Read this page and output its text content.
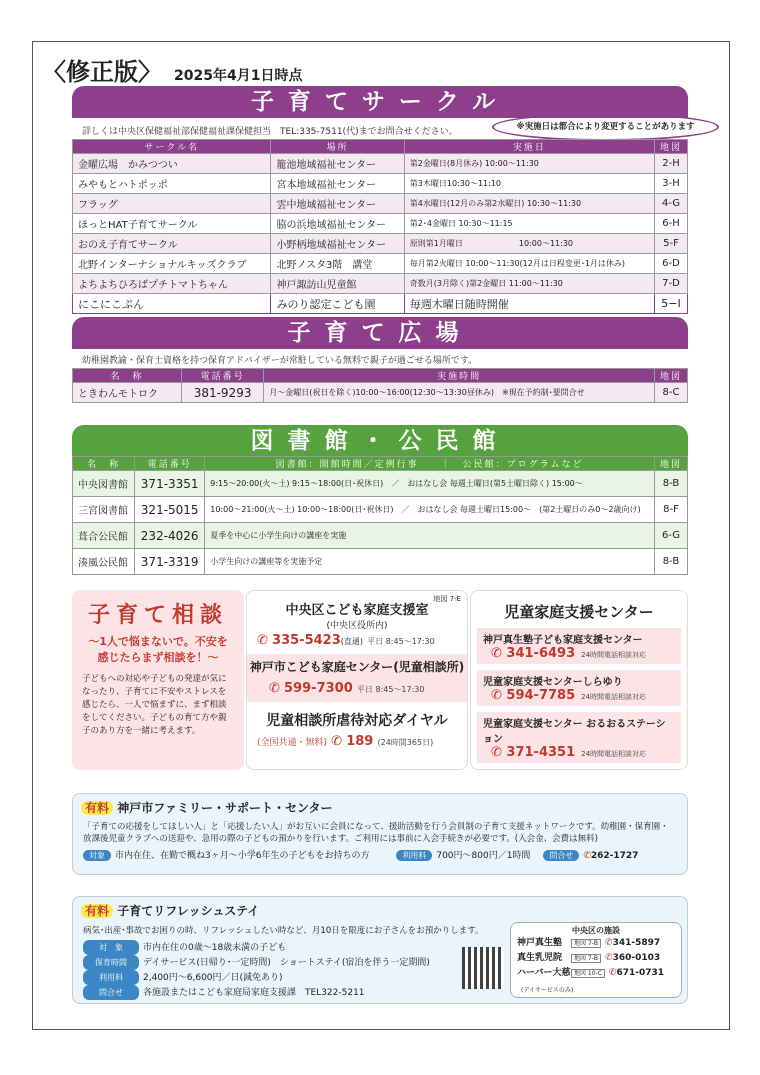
〈修正版〉 2025年4月1日時点
子育てサークル
詳しくは中央区保健福祉部保健福祉課保健担当　TEL:335-7511(代)までお問合せください。	※実施日は都合により変更することがあります
サークル名	場所	実施日	地図
金曜広場　かみつつい	籠池地域福祉センター	第2金曜日(8月休み) 10:00～11:30	2-H
みやもとハトポッポ	宮本地域福祉センター	第3木曜日10:30～11:10	3-H
フラッグ	雲中地域福祉センター	第4水曜日(12月のみ第2水曜日) 10:30～11:30	4-G
ほっとHAT子育てサークル	脇の浜地域福祉センター	第2･4金曜日 10:30～11:15	6-H
おのえ子育てサークル	小野柄地域福祉センター	原則第1月曜日　　　　　　　10:00～11:30	5-F
北野インターナショナルキッズクラブ	北野ノスタ3階　講堂	毎月第2火曜日 10:00～11:30(12月は日程変更･1月は休み)	6-D
よちよちひろばプチトマトちゃん	神戸諏訪山児童館	奇数月(3月除く)第2金曜日 11:00～11:30	7-D
にこにこぷん	みのり認定こども園	毎週木曜日随時開催	5−I
子育て広場
幼稚園教諭・保育士資格を持つ保育アドバイザーが常駐している無料で親子が過ごせる場所です。
名　称	電話番号	実施時間	地図
ときわんモトロク	381-9293	月～金曜日(祝日を除く)10:00～16:00(12:30～13:30昼休み)　※現在予約制･要問合せ	8-C
図書館・公民館
名　称	電話番号	図書館：開館時間／定例行事　　｜　公民館：プログラムなど	地図
中央図書館	371-3351	9:15～20:00(火～土) 9:15～18:00(日･祝休日)　／　おはなし会 毎週土曜日(第5土曜日除く) 15:00～	8-B
三宮図書館	321-5015	10:00～21:00(火～土) 10:00～18:00(日･祝休日)　／　おはなし会 毎週土曜日15:00～　(第2土曜日のみ0～2歳向け)	8-F
葺合公民館	232-4026	夏季を中心に小学生向けの講座を実施	6-G
湊風公民館	371-3319	小学生向けの講座等を実施予定	8-B
子育て相談
～1人で悩まないで。不安を感じたらまず相談を！～
子どもへの対応や子どもの発達が気になったり、子育てに不安やストレスを感じたら、一人で悩まずに、まず相談をしてください。子どもの育て方や親子のあり方を一緒に考えます。
中央区こども家庭支援室
(中央区役所内)
地図 7-E
✆ 335-5423(直通) 平日 8:45～17:30
神戸市こども家庭センター(児童相談所)
✆ 599-7300 平日 8:45～17:30
児童相談所虐待対応ダイヤル
(全国共通・無料) ✆ 189 (24時間365日)
児童家庭支援センター
神戸真生塾子ども家庭支援センター
✆ 341-6493 24時間電話相談対応
児童家庭支援センターしらゆり
✆ 594-7785 24時間電話相談対応
児童家庭支援センター おるおるステーション
✆ 371-4351 24時間電話相談対応
有料 神戸市ファミリー・サポート・センター
「子育ての応援をしてほしい人」と「応援したい人」がお互いに会員になって、援助活動を行う会員制の子育て支援ネットワークです。幼稚園・保育園・放課後児童クラブへの送迎や、急用の際の子どもの預かりを行います。ご利用には事前に入会手続きが必要です。(入会金、会費は無料)
対象 市内在住、在勤で概ね3ヶ月～小学6年生の子どもをお持ちの方	利用料 700円～800円／1時間 問合せ ✆262-1727
有料 子育てリフレッシュステイ
病気･出産･事故でお困りの時、リフレッシュしたい時など、月10日を限度にお子さんをお預かりします。
対　象 市内在住の0歳～18歳未満の子ども
保育時間 デイサービス(日帰り･一定時間)　ショートステイ(宿泊を伴う一定期間)
利用料 2,400円～6,600円／日(減免あり)
問合せ 各施設またはこども家庭局家庭支援課　TEL322-5211
中央区の施設
神戸真生塾 地図 7-B ✆341-5897
真生乳児院 地図 7-B ✆360-0103
ハーバー大慈 地図 10-C ✆671-0731
(デイサービスのみ)
